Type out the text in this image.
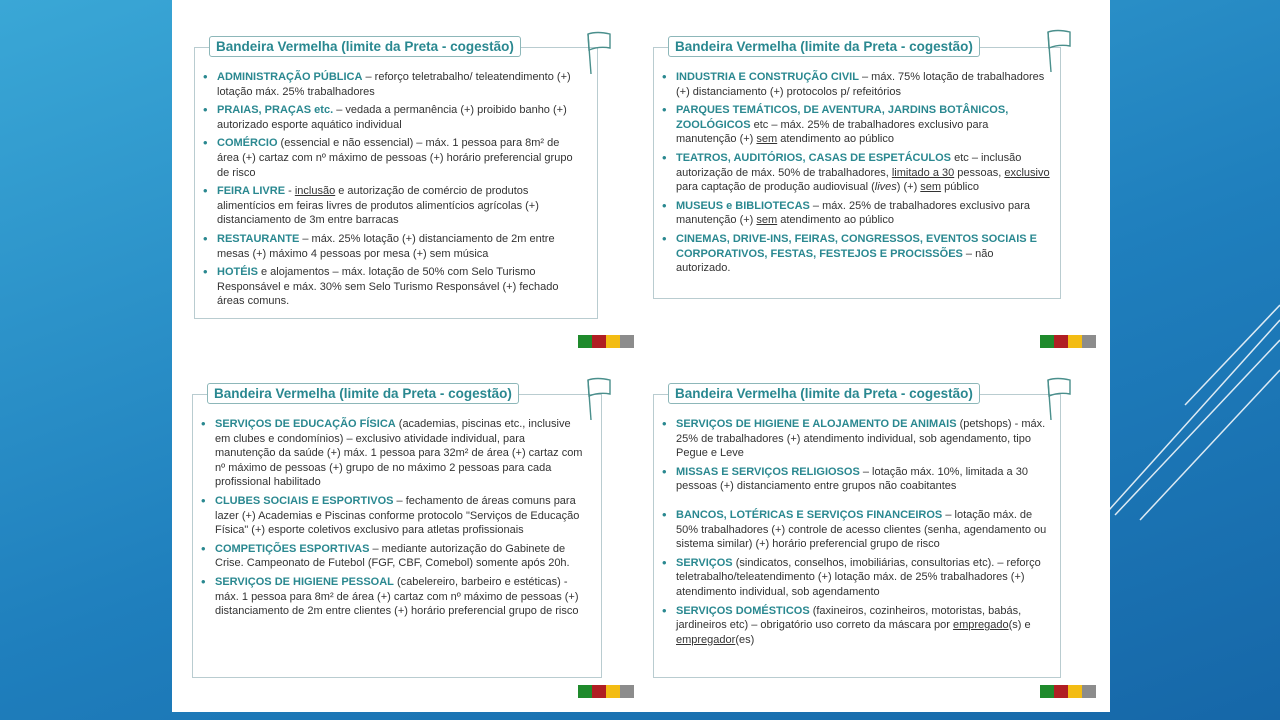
Bandeira Vermelha (limite da Preta - cogestão)
• ADMINISTRAÇÃO PÚBLICA – reforço teletrabalho/ teleatendimento (+) lotação máx. 25% trabalhadores
• PRAIAS, PRAÇAS etc. – vedada a permanência (+) proibido banho (+) autorizado esporte aquático individual
• COMÉRCIO (essencial e não essencial) – máx. 1 pessoa para 8m² de área (+) cartaz com nº máximo de pessoas (+) horário preferencial grupo de risco
• FEIRA LIVRE - inclusão e autorização de comércio de produtos alimentícios em feiras livres de produtos alimentícios agrícolas (+) distanciamento de 3m entre barracas
• RESTAURANTE – máx. 25% lotação (+) distanciamento de 2m entre mesas (+) máximo 4 pessoas por mesa (+) sem música
• HOTÉIS e alojamentos – máx. lotação de 50% com Selo Turismo Responsável e máx. 30% sem Selo Turismo Responsável (+) fechado áreas comuns.
Bandeira Vermelha (limite da Preta - cogestão)
• INDUSTRIA E CONSTRUÇÃO CIVIL – máx. 75% lotação de trabalhadores (+) distanciamento (+) protocolos p/ refeitórios
• PARQUES TEMÁTICOS, DE AVENTURA, JARDINS BOTÂNICOS, ZOOLÓGICOS etc – máx. 25% de trabalhadores exclusivo para manutenção (+) sem atendimento ao público
• TEATROS, AUDITÓRIOS, CASAS DE ESPETÁCULOS etc – inclusão autorização de máx. 50% de trabalhadores, limitado a 30 pessoas, exclusivo para captação de produção audiovisual (lives) (+) sem público
• MUSEUS e BIBLIOTECAS – máx. 25% de trabalhadores exclusivo para manutenção (+) sem atendimento ao público
• CINEMAS, DRIVE-INS, FEIRAS, CONGRESSOS, EVENTOS SOCIAIS E CORPORATIVOS, FESTAS, FESTEJOS E PROCISSÕES – não autorizado.
Bandeira Vermelha (limite da Preta - cogestão)
• SERVIÇOS DE EDUCAÇÃO FÍSICA (academias, piscinas etc., inclusive em clubes e condomínios) – exclusivo atividade individual, para manutenção da saúde (+) máx. 1 pessoa para 32m² de área (+) cartaz com nº máximo de pessoas (+) grupo de no máximo 2 pessoas para cada profissional habilitado
• CLUBES SOCIAIS E ESPORTIVOS – fechamento de áreas comuns para lazer (+) Academias e Piscinas conforme protocolo "Serviços de Educação Física" (+) esporte coletivos exclusivo para atletas profissionais
• COMPETIÇÕES ESPORTIVAS – mediante autorização do Gabinete de Crise. Campeonato de Futebol (FGF, CBF, Comebol) somente após 20h.
• SERVIÇOS DE HIGIENE PESSOAL (cabelereiro, barbeiro e estéticas) - máx. 1 pessoa para 8m² de área (+) cartaz com nº máximo de pessoas (+) distanciamento de 2m entre clientes (+) horário preferencial grupo de risco
Bandeira Vermelha (limite da Preta - cogestão)
• SERVIÇOS DE HIGIENE E ALOJAMENTO DE ANIMAIS (petshops) - máx. 25% de trabalhadores (+) atendimento individual, sob agendamento, tipo Pegue e Leve
• MISSAS E SERVIÇOS RELIGIOSOS – lotação máx. 10%, limitada a 30 pessoas (+) distanciamento entre grupos não coabitantes
• BANCOS, LOTÉRICAS E SERVIÇOS FINANCEIROS – lotação máx. de 50% trabalhadores (+) controle de acesso clientes (senha, agendamento ou sistema similar) (+) horário preferencial grupo de risco
• SERVIÇOS (sindicatos, conselhos, imobiliárias, consultorias etc). – reforço teletrabalho/teleatendimento (+) lotação máx. de 25% trabalhadores (+) atendimento individual, sob agendamento
• SERVIÇOS DOMÉSTICOS (faxineiros, cozinheiros, motoristas, babás, jardineiros etc) – obrigatório uso correto da máscara por empregado(s) e empregador(es)
